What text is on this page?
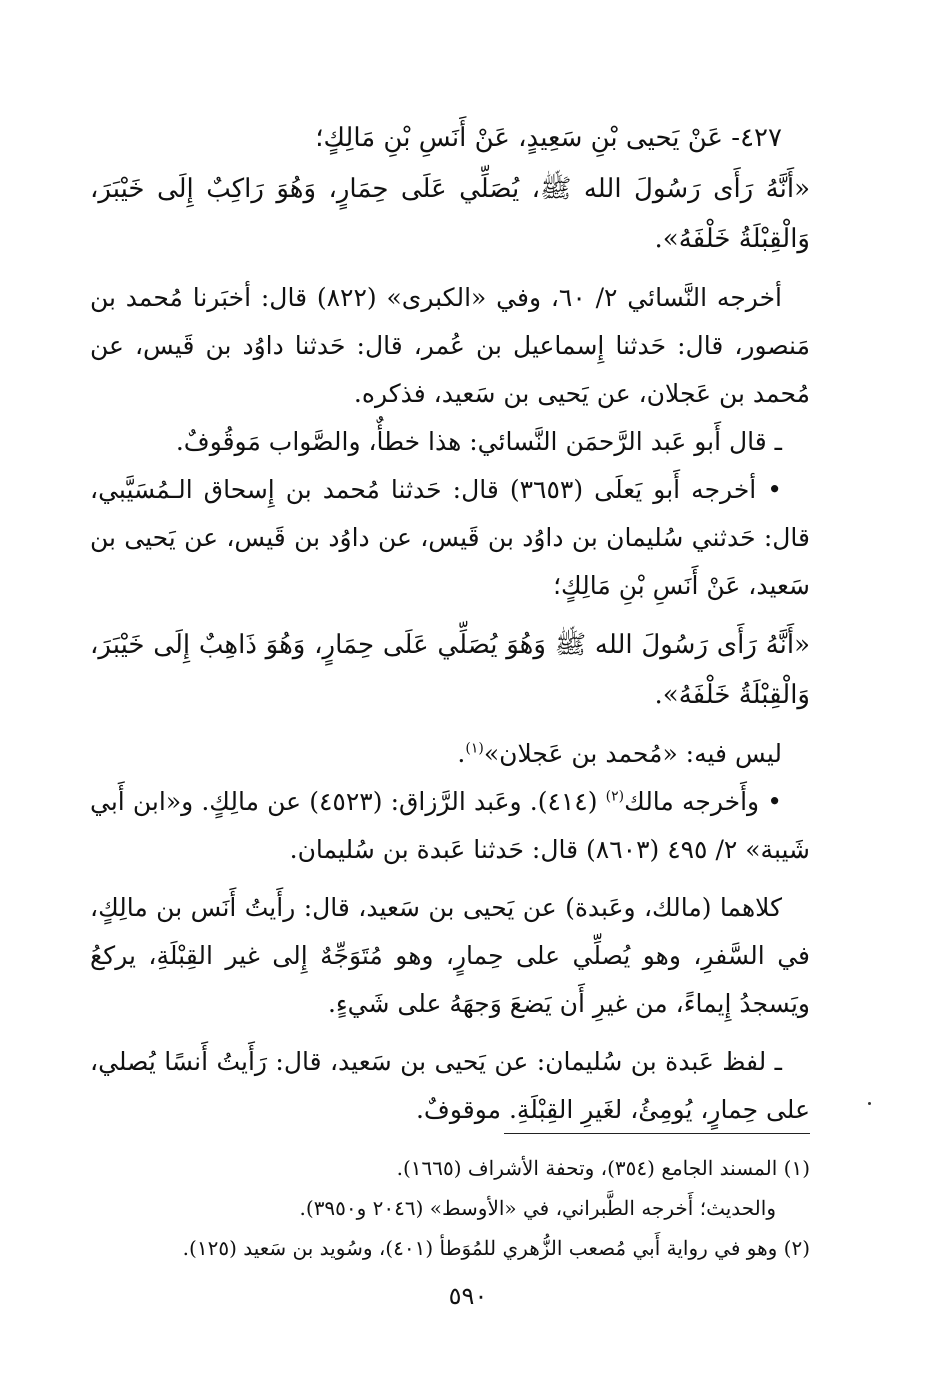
٤٢٧- عَنْ يَحيى بْنِ سَعِيدٍ، عَنْ أَنَسِ بْنِ مَالِكٍ؛

«أَنَّهُ رَأَى رَسُولَ الله ﷺ، يُصَلِّي عَلَى حِمَارٍ، وَهُوَ رَاكِبٌ إِلَى خَيْبَرَ، وَالْقِبْلَةُ خَلْفَهُ».

أخرجه النَّسائي ٢/ ٦٠، وفي «الكبرى» (٨٢٢) قال: أخبَرنا مُحمد بن مَنصور، قال: حَدثنا إِسماعيل بن عُمر، قال: حَدثنا داوُد بن قَيس، عن مُحمد بن عَجلان، عن يَحيى بن سَعيد، فذكره.

ـ قال أَبو عَبد الرَّحمَن النَّسائي: هذا خطأٌ، والصَّواب مَوقُوفٌ.

• أخرجه أَبو يَعلَى (٣٦٥٣) قال: حَدثنا مُحمد بن إِسحاق الـمُسَيَّبي، قال: حَدثني سُليمان بن داوُد بن قَيس، عن داوُد بن قَيس، عن يَحيى بن سَعيد، عَنْ أَنَسِ بْنِ مَالِكٍ؛

«أَنَّهُ رَأَى رَسُولَ الله ﷺ وَهُوَ يُصَلِّي عَلَى حِمَارٍ، وَهُوَ ذَاهِبٌ إِلَى خَيْبَرَ، وَالْقِبْلَةُ خَلْفَهُ».

ليس فيه: «مُحمد بن عَجلان»$^{(١)}$.

• وأَخرجه مالك$^{(٢)}$ (٤١٤). وعَبد الرَّزاق: (٤٥٢٣) عن مالِكٍ. و«ابن أَبي شَيبة» ٢/ ٤٩٥ (٨٦٠٣) قال: حَدثنا عَبدة بن سُليمان.

كلاهما (مالك، وعَبدة) عن يَحيى بن سَعيد، قال: رأَيتُ أَنَس بن مالِكٍ، في السَّفرِ، وهو يُصلِّي على حِمارٍ، وهو مُتَوَجِّهٌ إِلى غير القِبْلَةِ، يركعُ ويَسجدُ إِيماءً، من غيرِ أَن يَضعَ وَجهَهُ على شَيءٍ.

ـ لفظ عَبدة بن سُليمان: عن يَحيى بن سَعيد، قال: رَأَيتُ أَنسًا يُصلي، على حِمارٍ، يُومِئُ، لغَيرِ القِبْلَةِ. موقوفٌ.

(١) المسند الجامع (٣٥٤)، وتحفة الأشراف (١٦٦٥).

والحديث؛ أَخرجه الطَّبراني، في «الأوسط» (٢٠٤٦ و٣٩٥٠).

(٢) وهو في رواية أَبي مُصعب الزُّهري للمُوَطأ (٤٠١)، وسُويد بن سَعيد (١٢٥).

٥٩٠
